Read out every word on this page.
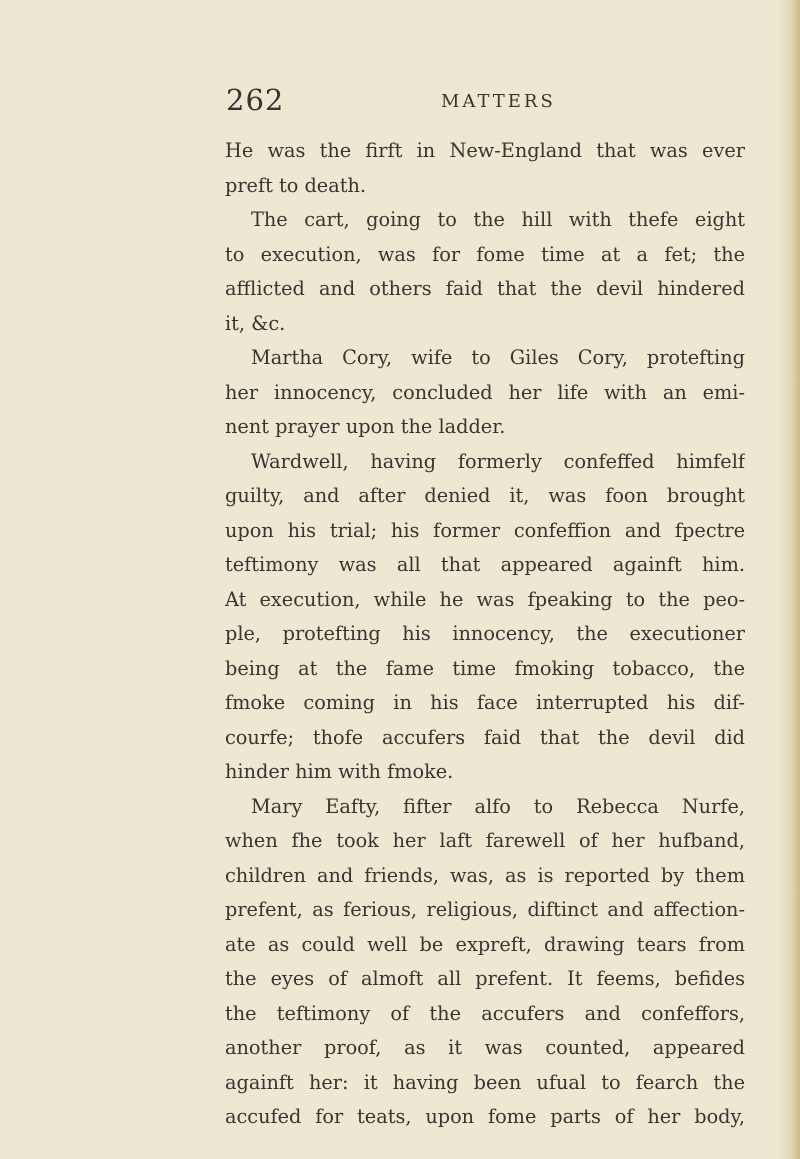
262	MATTERS
He was the firft in New-England that was ever
preft to death.
The cart, going to the hill with thefe eight
to execution, was for fome time at a fet; the
afflicted and others faid that the devil hindered
it, &c.
Martha Cory, wife to Giles Cory, protefting
her innocency, concluded her life with an emi-
nent prayer upon the ladder.
Wardwell, having formerly confeffed himfelf
guilty, and after denied it, was foon brought
upon his trial; his former confeffion and fpectre
teftimony was all that appeared againft him.
At execution, while he was fpeaking to the peo-
ple, protefting his innocency, the executioner
being at the fame time fmoking tobacco, the
fmoke coming in his face interrupted his dif-
courfe; thofe accufers faid that the devil did
hinder him with fmoke.
Mary Eafty, fifter alfo to Rebecca Nurfe,
when fhe took her laft farewell of her hufband,
children and friends, was, as is reported by them
prefent, as ferious, religious, diftinct and affection-
ate as could well be expreft, drawing tears from
the eyes of almoft all prefent. It feems, befides
the teftimony of the accufers and confeffors,
another proof, as it was counted, appeared
againft her: it having been ufual to fearch the
accufed for teats, upon fome parts of her body,
